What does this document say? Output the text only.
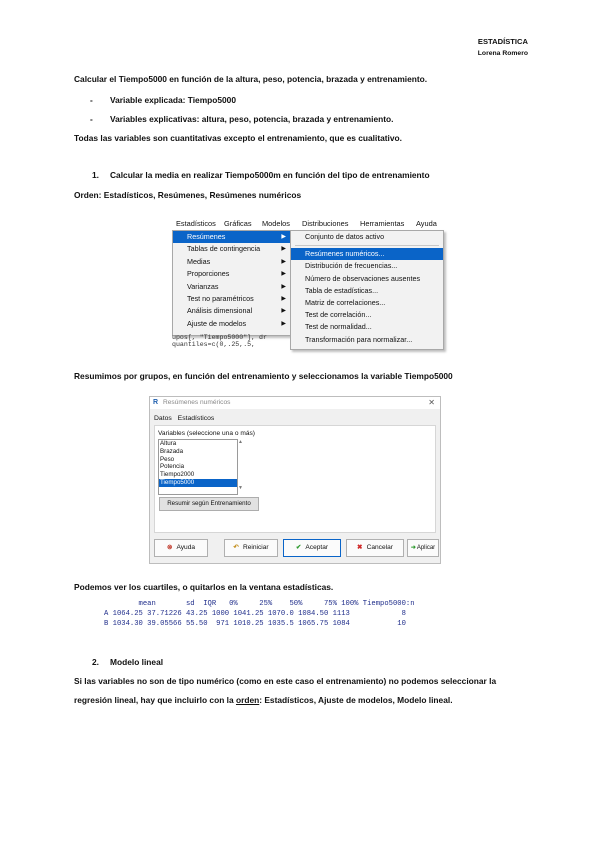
ESTADÍSTICA
Lorena Romero
Calcular el Tiempo5000 en función de la altura, peso, potencia, brazada y entrenamiento.
- Variable explicada: Tiempo5000
- Variables explicativas: altura, peso, potencia, brazada y entrenamiento.
Todas las variables son cuantitativas excepto el entrenamiento, que es cualitativo.
1. Calcular la media en realizar Tiempo5000m en función del tipo de entrenamiento
Orden: Estadísticos, Resúmenes, Resúmenes numéricos
Estadísticos Gráficas Modelos Distribuciones Herramientas Ayuda
Resúmenes	▶
Tablas de contingencia	▶
Medias	▶
Proporciones	▶
Varianzas	▶
Test no paramétricos	▶
Análisis dimensional	▶
Ajuste de modelos	▶
Conjunto de datos activo
Resúmenes numéricos...
Distribución de frecuencias...
Número de observaciones ausentes
Tabla de estadísticas...
Matriz de correlaciones...
Test de correlación...
Test de normalidad...
Transformación para normalizar...
upos[, "Tiempo5000"], dr
quantiles=c(0,.25,.5,
Resumimos por grupos, en función del entrenamiento y seleccionamos la variable Tiempo5000
R Resúmenes numéricos	✕
Datos Estadísticos
Variables (seleccione una o más)
Altura
Brazada
Peso
Potencia
Tiempo2000
Tiempo5000
▲
▼
Resumir según Entrenamiento
⊗ Ayuda	↶ Reiniciar	✔ Aceptar	✖ Cancelar	➜Aplicar
Podemos ver los cuartiles, o quitarlos en la ventana estadísticas.
mean       sd  IQR   0%     25%    50%     75% 100% Tiempo5000:n
A 1064.25 37.71226 43.25 1000 1041.25 1070.0 1084.50 1113            8
B 1034.30 39.05566 55.50  971 1010.25 1035.5 1065.75 1084           10
2. Modelo lineal
Si las variables no son de tipo numérico (como en este caso el entrenamiento) no podemos seleccionar la
regresión lineal, hay que incluirlo con la orden: Estadísticos, Ajuste de modelos, Modelo lineal.
